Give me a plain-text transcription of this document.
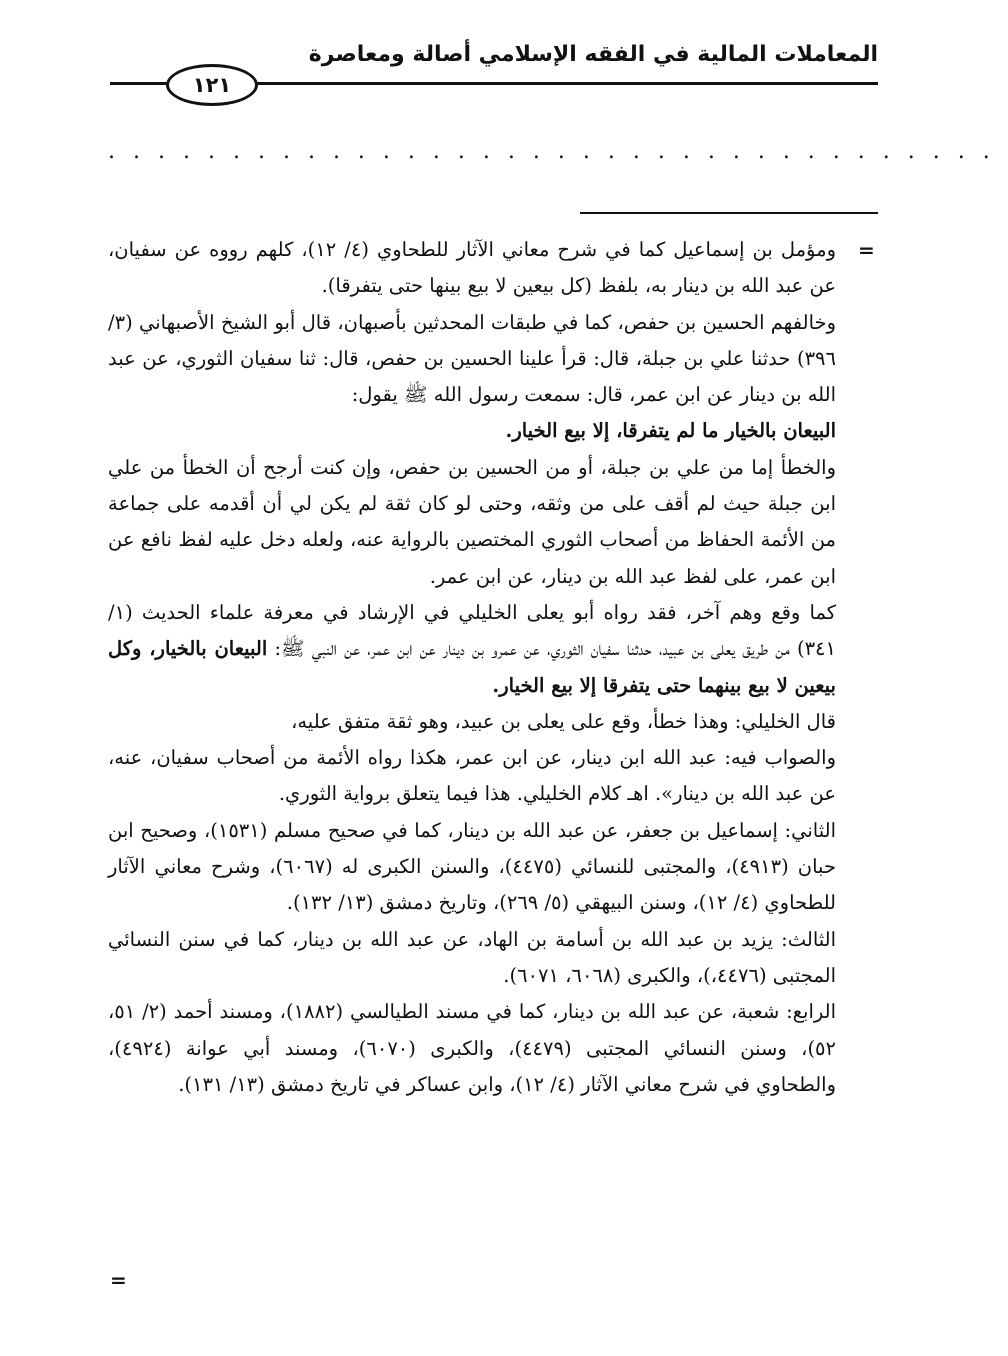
المعاملات المالية في الفقه الإسلامي أصالة ومعاصرة
١٢١
....................................
=

ومؤمل بن إسماعيل كما في شرح معاني الآثار للطحاوي (٤/ ١٢)، كلهم رووه عن سفيان، عن عبد الله بن دينار به، بلفظ (كل بيعين لا بيع بينها حتى يتفرقا).

وخالفهم الحسين بن حفص، كما في طبقات المحدثين بأصبهان، قال أبو الشيخ الأصبهاني (٣/ ٣٩٦) حدثنا علي بن جبلة، قال: قرأ علينا الحسين بن حفص، قال: ثنا سفيان الثوري، عن عبد الله بن دينار عن ابن عمر، قال: سمعت رسول الله ﷺ يقول:
البيعان بالخيار ما لم يتفرقا، إلا بيع الخيار.

والخطأ إما من علي بن جبلة، أو من الحسين بن حفص، وإن كنت أرجح أن الخطأ من علي ابن جبلة حيث لم أقف على من وثقه، وحتى لو كان ثقة لم يكن لي أن أقدمه على جماعة من الأئمة الحفاظ من أصحاب الثوري المختصين بالرواية عنه، ولعله دخل عليه لفظ نافع عن ابن عمر، على لفظ عبد الله بن دينار، عن ابن عمر.

كما وقع وهم آخر، فقد رواه أبو يعلى الخليلي في الإرشاد في معرفة علماء الحديث (١/ ٣٤١) من طريق يعلى بن عبيد، حدثنا سفيان الثوري، عن عمرو بن دينار عن ابن عمر، عن النبي ﷺ: البيعان بالخيار، وكل بيعين لا بيع بينهما حتى يتفرقا إلا بيع الخيار.

قال الخليلي: وهذا خطأ، وقع على يعلى بن عبيد، وهو ثقة متفق عليه،

والصواب فيه: عبد الله ابن دينار، عن ابن عمر، هكذا رواه الأئمة من أصحاب سفيان، عنه، عن عبد الله بن دينار». اهـ كلام الخليلي. هذا فيما يتعلق برواية الثوري.

الثاني: إسماعيل بن جعفر، عن عبد الله بن دينار، كما في صحيح مسلم (١٥٣١)، وصحيح ابن حبان (٤٩١٣)، والمجتبى للنسائي (٤٤٧٥)، والسنن الكبرى له (٦٠٦٧)، وشرح معاني الآثار للطحاوي (٤/ ١٢)، وسنن البيهقي (٥/ ٢٦٩)، وتاريخ دمشق (١٣/ ١٣٢).

الثالث: يزيد بن عبد الله بن أسامة بن الهاد، عن عبد الله بن دينار، كما في سنن النسائي المجتبى (٤٤٧٦،)، والكبرى (٦٠٦٨، ٦٠٧١).

الرابع: شعبة، عن عبد الله بن دينار، كما في مسند الطيالسي (١٨٨٢)، ومسند أحمد (٢/ ٥١، ٥٢)، وسنن النسائي المجتبى (٤٤٧٩)، والكبرى (٦٠٧٠)، ومسند أبي عوانة (٤٩٢٤)، والطحاوي في شرح معاني الآثار (٤/ ١٢)، وابن عساكر في تاريخ دمشق (١٣/ ١٣١).

=
